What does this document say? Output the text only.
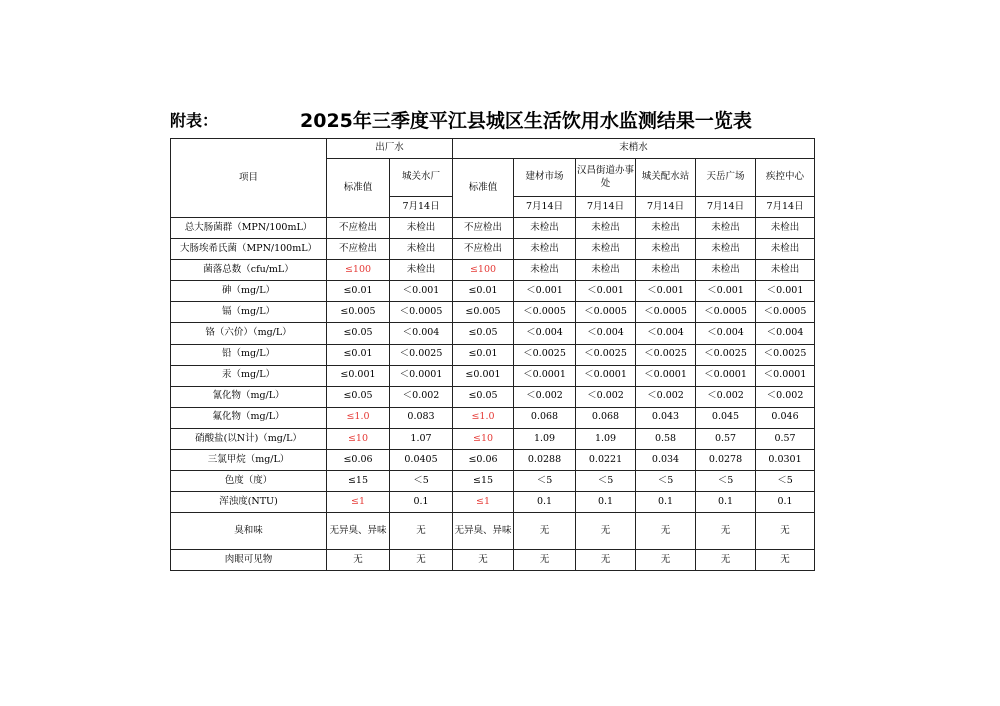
附表：	2025年三季度平江县城区生活饮用水监测结果一览表
项目	出厂水		末梢水					
	标准值	城关水厂	标准值	建材市场	汉昌街道办事处	城关配水站	天岳广场	疾控中心
		7月14日		7月14日	7月14日	7月14日	7月14日	7月14日
总大肠菌群（MPN/100mL）	不应检出	未检出	不应检出	未检出	未检出	未检出	未检出	未检出
大肠埃希氏菌（MPN/100mL）	不应检出	未检出	不应检出	未检出	未检出	未检出	未检出	未检出
菌落总数（cfu/mL）	≤100	未检出	≤100	未检出	未检出	未检出	未检出	未检出
砷（mg/L）	≤0.01	＜0.001	≤0.01	＜0.001	＜0.001	＜0.001	＜0.001	＜0.001
镉（mg/L）	≤0.005	＜0.0005	≤0.005	＜0.0005	＜0.0005	＜0.0005	＜0.0005	＜0.0005
铬（六价）（mg/L）	≤0.05	＜0.004	≤0.05	＜0.004	＜0.004	＜0.004	＜0.004	＜0.004
铅（mg/L）	≤0.01	＜0.0025	≤0.01	＜0.0025	＜0.0025	＜0.0025	＜0.0025	＜0.0025
汞（mg/L）	≤0.001	＜0.0001	≤0.001	＜0.0001	＜0.0001	＜0.0001	＜0.0001	＜0.0001
氰化物（mg/L）	≤0.05	＜0.002	≤0.05	＜0.002	＜0.002	＜0.002	＜0.002	＜0.002
氟化物（mg/L）	≤1.0	0.083	≤1.0	0.068	0.068	0.043	0.045	0.046
硝酸盐(以N计)（mg/L）	≤10	1.07	≤10	1.09	1.09	0.58	0.57	0.57
三氯甲烷（mg/L）	≤0.06	0.0405	≤0.06	0.0288	0.0221	0.034	0.0278	0.0301
色度（度）	≤15	＜5	≤15	＜5	＜5	＜5	＜5	＜5
浑浊度(NTU)	≤1	0.1	≤1	0.1	0.1	0.1	0.1	0.1
臭和味	无异臭、异味	无	无异臭、异味	无	无	无	无	无
肉眼可见物	无	无	无	无	无	无	无	无
